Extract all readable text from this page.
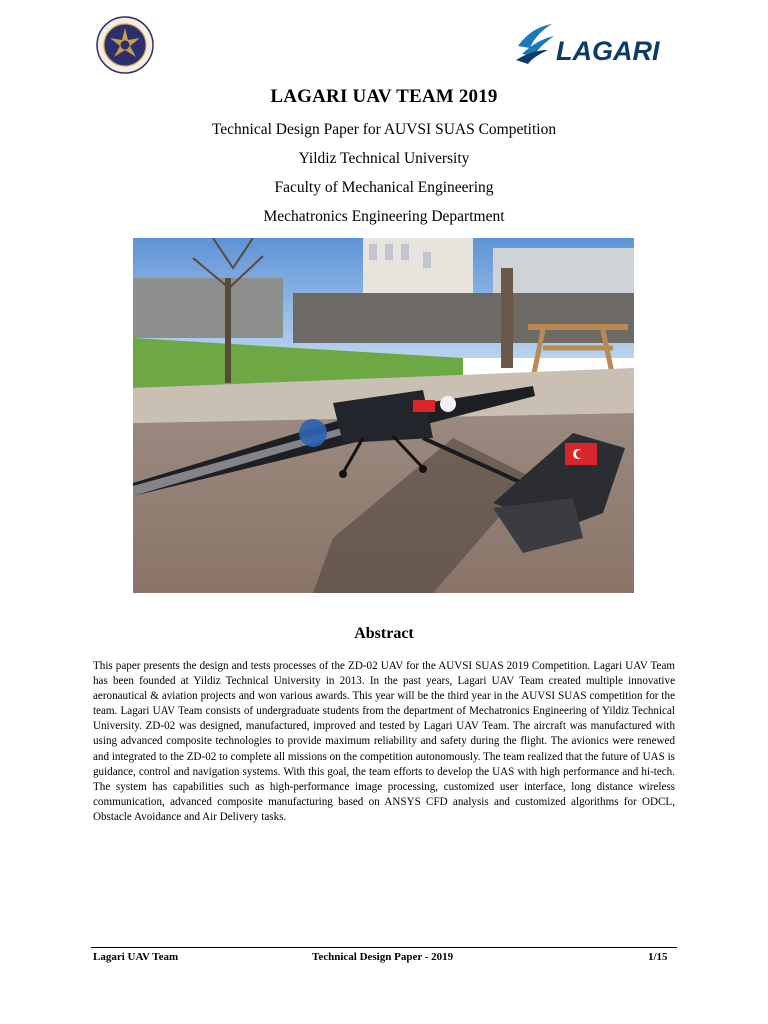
LAGARI
LAGARI UAV TEAM 2019
Technical Design Paper for AUVSI SUAS Competition
Yildiz Technical University
Faculty of Mechanical Engineering
Mechatronics Engineering Department
Abstract

This paper presents the design and tests processes of the ZD-02 UAV for the AUVSI SUAS 2019 Competition. Lagari UAV Team has been founded at Yildiz Technical University in 2013. In the past years, Lagari UAV Team created multiple innovative aeronautical & aviation projects and won various awards. This year will be the third year in the AUVSI SUAS competition for the team. Lagari UAV Team consists of undergraduate students from the department of Mechatronics Engineering of Yildiz Technical University. ZD-02 was designed, manufactured, improved and tested by Lagari UAV Team. The aircraft was manufactured with using advanced composite technologies to provide maximum reliability and safety during the flight. The avionics were renewed and integrated to the ZD-02 to complete all missions on the competition autonomously. The team realized that the future of UAS is guidance, control and navigation systems. With this goal, the team efforts to develop the UAS with high performance and hi-tech. The system has capabilities such as high-performance image processing, customized user interface, long distance wireless communication, advanced composite manufacturing based on ANSYS CFD analysis and customized algorithms for ODCL, Obstacle Avoidance and Air Delivery tasks.

Lagari UAV Team	Technical Design Paper - 2019	1/15
